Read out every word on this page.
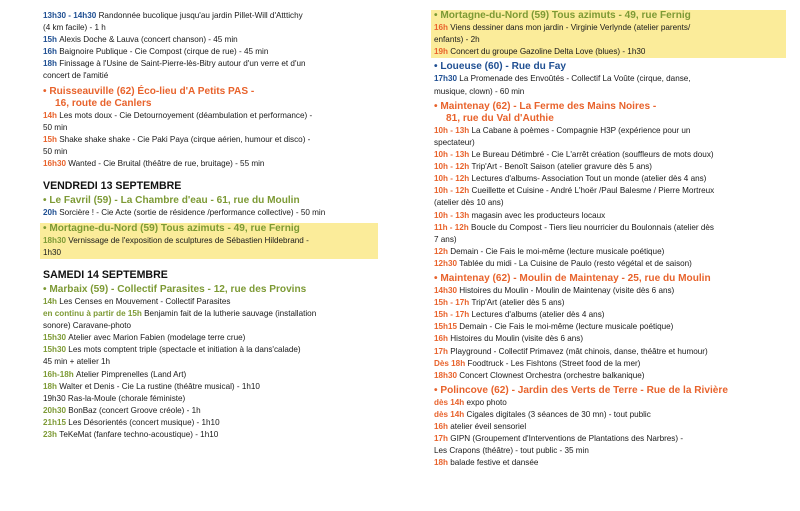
13h30 - 14h30 Randonnée bucolique jusqu'au jardin Pillet-Will d'Atttichy
(4 km facile) - 1 h
15h Alexis Doche & Lauva (concert chanson) - 45 min
16h Baignoire Publique - Cie Compost (cirque de rue) - 45 min
18h Finissage à l'Usine de Saint-Pierre-lès-Bitry autour d'un verre et d'un
concert de l'amitié
• Ruisseauville (62) Éco-lieu d'A Petits PAS -
16, route de Canlers
14h Les mots doux - Cie Detournoyement (déambulation et performance) -
50 min
15h Shake shake shake - Cie Paki Paya (cirque aérien, humour et disco) -
50 min
16h30 Wanted - Cie Bruital (théâtre de rue, bruitage) - 55 min
VENDREDI 13 SEPTEMBRE
• Le Favril (59) - La Chambre d'eau - 61, rue du Moulin
20h Sorcière ! - Cie Acte (sortie de résidence /performance collective) - 50 min
• Mortagne-du-Nord (59) Tous azimuts - 49, rue Fernig
18h30 Vernissage de l'exposition de sculptures de Sébastien Hildebrand -
1h30
SAMEDI 14 SEPTEMBRE
• Marbaix (59) - Collectif Parasites - 12, rue des Provins
14h Les Censes en Mouvement - Collectif Parasites
en continu à partir de 15h Benjamin fait de la lutherie sauvage (installation
sonore) Caravane-photo
15h30 Atelier avec Marion Fabien (modelage terre crue)
15h30 Les mots comptent triple (spectacle et initiation à la dans'calade)
45 min + atelier 1h
16h-18h Atelier Pimprenelles (Land Art)
18h Walter et Denis - Cie La rustine (théâtre musical) - 1h10
19h30 Ras-la-Moule (chorale féministe)
20h30 BonBaz (concert Groove créole) - 1h
21h15 Les Désorientés (concert musique) - 1h10
23h TeKeMat (fanfare techno-acoustique) - 1h10
• Mortagne-du-Nord (59) Tous azimuts - 49, rue Fernig
16h Viens dessiner dans mon jardin - Virginie Verlynde (atelier parents/
enfants) - 2h
19h Concert du groupe Gazoline Delta Love (blues) - 1h30
• Loueuse (60) - Rue du Fay
17h30 La Promenade des Envoûtés - Collectif La Voûte (cirque, danse,
musique, clown) - 60 min
• Maintenay (62) - La Ferme des Mains Noires -
81, rue du Val d'Authie
10h - 13h La Cabane à poèmes - Compagnie H3P (expérience pour un
spectateur)
10h - 13h Le Bureau Détimbré - Cie L'arrêt création (souffleurs de mots doux)
10h - 12h Trip'Art - Benoît Saison (atelier gravure dès 5 ans)
10h - 12h Lectures d'albums- Association Tout un monde (atelier dès 4 ans)
10h - 12h Cueillette et Cuisine - André L'hoër /Paul Balesme / Pierre Mortreux
(atelier dès 10 ans)
10h - 13h magasin avec les producteurs locaux
11h - 12h Boucle du Compost - Tiers lieu nourricier du Boulonnais (atelier dès
7 ans)
12h Demain - Cie Fais le moi-même (lecture musicale poétique)
12h30 Tablée du midi - La Cuisine de Paulo (resto végétal et de saison)
• Maintenay (62) - Moulin de Maintenay - 25, rue du Moulin
14h30 Histoires du Moulin - Moulin de Maintenay (visite dès 6 ans)
15h - 17h Trip'Art (atelier dès 5 ans)
15h - 17h Lectures d'albums (atelier dès 4 ans)
15h15 Demain - Cie Fais le moi-même (lecture musicale poétique)
16h Histoires du Moulin (visite dès 6 ans)
17h Playground - Collectif Primavez (mât chinois, danse, théâtre et humour)
Dès 18h Foodtruck - Les Fishtons (Street food de la mer)
18h30 Concert Clownest Orchestra (orchestre balkanique)
• Polincove (62) - Jardin des Verts de Terre - Rue de la Rivière
dès 14h expo photo
dès 14h Cigales digitales (3 séances de 30 mn) - tout public
16h atelier éveil sensoriel
17h GIPN (Groupement d'Interventions de Plantations des Narbres) -
Les Crapons (théâtre) - tout public - 35 min
18h balade festive et dansée
